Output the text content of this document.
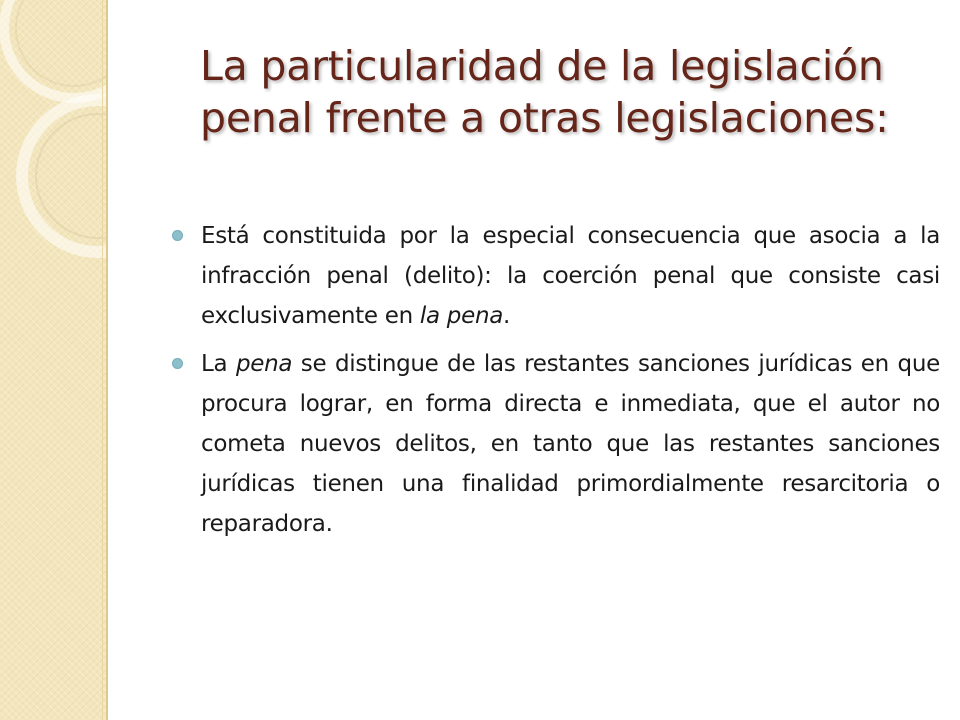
La particularidad de la legislación
penal frente a otras legislaciones:
Está constituida por la especial consecuencia que asocia a la infracción penal (delito): la coerción penal que consiste casi exclusivamente en la pena.
La pena se distingue de las restantes sanciones jurídicas en que procura lograr, en forma directa e inmediata, que el autor no cometa nuevos delitos, en tanto que las restantes sanciones jurídicas tienen una finalidad primordialmente resarcitoria o reparadora.
